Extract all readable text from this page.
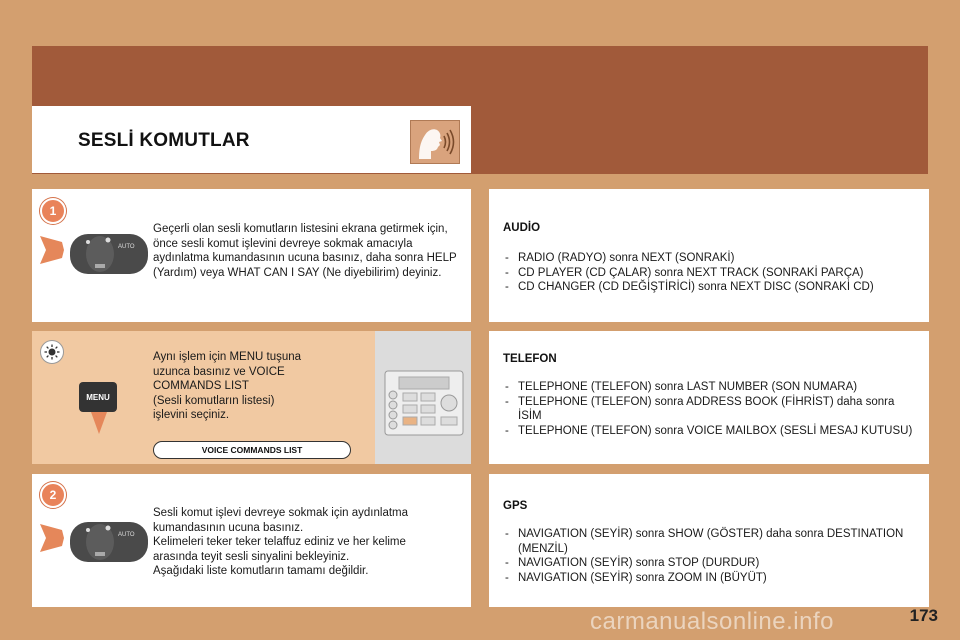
SESLİ KOMUTLAR
1
AUTO
Geçerli olan sesli komutların listesini ekrana getirmek için, önce sesli komut işlevini devreye sokmak amacıyla aydınlatma kumandasının ucuna basınız, daha sonra HELP (Yardım) veya WHAT CAN I SAY (Ne diyebilirim) deyiniz.
MENU
Aynı işlem için MENU tuşuna
uzunca basınız ve VOICE
COMMANDS LIST
(Sesli komutların listesi)
işlevini seçiniz.
VOICE COMMANDS LIST
2
AUTO
Sesli komut işlevi devreye sokmak için aydınlatma
kumandasının ucuna basınız.
Kelimeleri teker teker telaffuz ediniz ve her kelime
arasında teyit sesli sinyalini bekleyiniz.
Aşağıdaki liste komutların tamamı değildir.
AUDİO
- RADIO (RADYO) sonra NEXT (SONRAKİ)
- CD PLAYER (CD ÇALAR) sonra NEXT TRACK (SONRAKİ PARÇA)
- CD CHANGER (CD DEĞİŞTİRİCİ) sonra NEXT DISC (SONRAKİ CD)
TELEFON
- TELEPHONE (TELEFON) sonra LAST NUMBER (SON NUMARA)
- TELEPHONE (TELEFON) sonra ADDRESS BOOK (FİHRİST) daha sonra İSİM
- TELEPHONE (TELEFON) sonra VOICE MAILBOX (SESLİ MESAJ KUTUSU)
GPS
- NAVIGATION (SEYİR) sonra SHOW (GÖSTER) daha sonra DESTINATION (MENZİL)
- NAVIGATION (SEYİR) sonra STOP (DURDUR)
- NAVIGATION (SEYİR) sonra ZOOM IN (BÜYÜT)
173
carmanualsonline.info
